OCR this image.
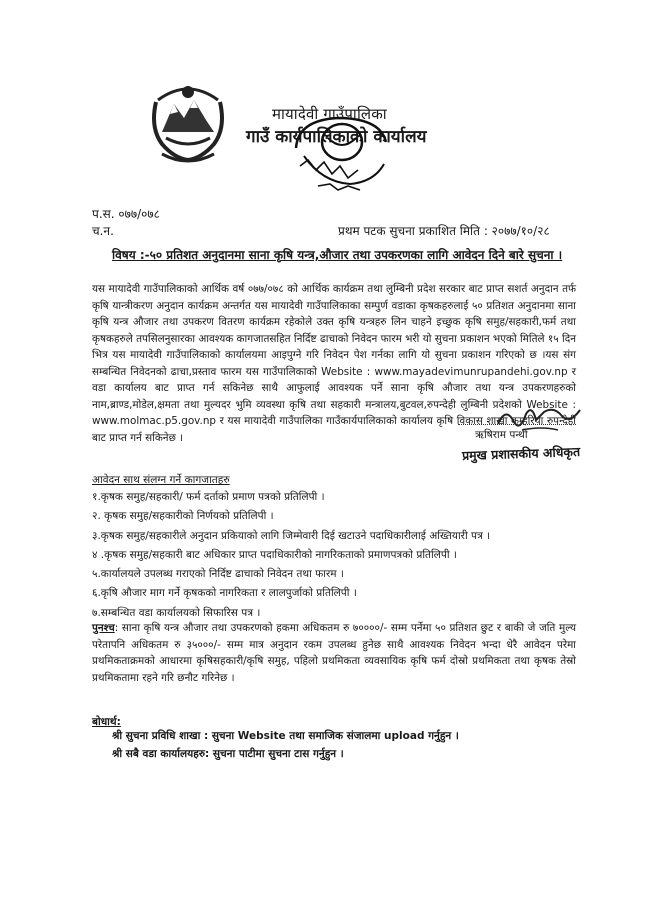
मायादेवी गाउँपालिका
गाउँ कार्यपालिकाको कार्यालय
प.स. ०७७/०७८
च.न.	प्रथम पटक सुचना प्रकाशित मिति : २०७७/१०/२८
विषय :-५० प्रतिशत अनुदानमा साना कृषि यन्त्र,औजार तथा उपकरणका लागि आवेदन दिने बारे सुचना ।
यस मायादेवी गाउँपालिकाको आर्थिक वर्ष ०७७/०७८ को आर्थिक कार्यक्रम तथा लुम्बिनी प्रदेश सरकार बाट प्राप्त सशर्त अनुदान तर्फ कृषि यान्त्रीकरण अनुदान कार्यक्रम अन्तर्गत यस मायादेवी गाउँपालिकाका सम्पुर्ण वडाका कृषकहरुलाई ५० प्रतिशत अनुदानमा साना कृषि यन्त्र औजार तथा उपकरण वितरण कार्यक्रम रहेकोले उक्त कृषि यन्त्रहरु लिन चाहने इच्छुक कृषि समुह/सहकारी,फर्म तथा कृषकहरुले तपसिलनुसारका आवश्यक कागजातसहित निर्दिष्ट ढाचाको निवेदन फारम भरी यो सुचना प्रकाशन भएको मितिले १५ दिन भित्र यस मायादेवी गाउँपालिकाको कार्यालयमा आइपुग्ने गरि निवेदन पेश गर्नका लागि यो सुचना प्रकाशन गरिएको छ ।यस संग सम्बन्धित निवेदनको ढाचा,प्रस्ताव फारम यस गाउँपालिकाको Website : www.mayadevimunrupandehi.gov.np र वडा कार्यालय बाट प्राप्त गर्न सकिनेछ साथै आफुलाई आवश्यक पर्ने साना कृषि औजार तथा यन्त्र उपकरणहरुको नाम,ब्राण्ड,मोडेल,क्षमता तथा मुल्यदर भुमि व्यवस्था कृषि तथा सहकारी मन्त्रालय,बुटवल,रुपन्देही लुम्बिनी प्रदेशको Website : www.molmac.p5.gov.np र यस मायादेवी गाउँपालिका गाउँकार्यपालिकाको कार्यालय कृषि विकास शाखा कम्हरिया रुपन्देही बाट प्राप्त गर्न सकिनेछ ।	ऋषिराम पन्थी
प्रमुख प्रशासकीय अधिकृत
आवेदन साथ संलग्न गर्ने कागजातहरु
१.कृषक समुह/सहकारी/ फर्म दर्ताको प्रमाण पत्रको प्रतिलिपी ।
२. कृषक समुह/सहकारीको निर्णयको प्रतिलिपी ।
३.कृषक समुह/सहकारीले अनुदान प्रकियाको लागि जिम्मेवारी दिई खटाउने पदाधिकारीलाई अख्तियारी पत्र ।
४ .कृषक समुह/सहकारी बाट अधिकार प्राप्त पदाधिकारीको नागरिकताको प्रमाणपत्रको प्रतिलिपी ।
५.कार्यालयले उपलब्ध गराएको निर्दिष्ट ढाचाको निवेदन तथा फारम ।
६.कृषि औजार माग गर्ने कृषकको नागरिकता र लालपुर्जाको प्रतिलिपी ।
७.सम्बन्धित वडा कार्यालयको सिफारिस पत्र ।
पुनश्च: साना कृषि यन्त्र औजार तथा उपकरणको हकमा अधिकतम रु ७००००/- सम्म पर्नेमा ५० प्रतिशत छुट र बाकी जे जति मुल्य परेतापनि अधिकतम रु ३५०००/- सम्म मात्र अनुदान रकम उपलब्ध हुनेछ साथै आवश्यक निवेदन भन्दा धेरै आवेदन परेमा प्रथमिकताक्रमको आधारमा कृषिसहकारी/कृषि समुह, पहिलो प्रथमिकता व्यवसायिक कृषि फर्म दोस्रो प्रथमिकता तथा कृषक तेस्रो प्रथमिकतामा रहने गरि छनौट गरिनेछ ।
बोधार्थ:
श्री सुचना प्रविधि शाखा : सुचना Website तथा समाजिक संजालमा upload गर्नुहुन ।
श्री सबै वडा कार्यालयहरु: सुचना पाटीमा सुचना टास गर्नुहुन ।
